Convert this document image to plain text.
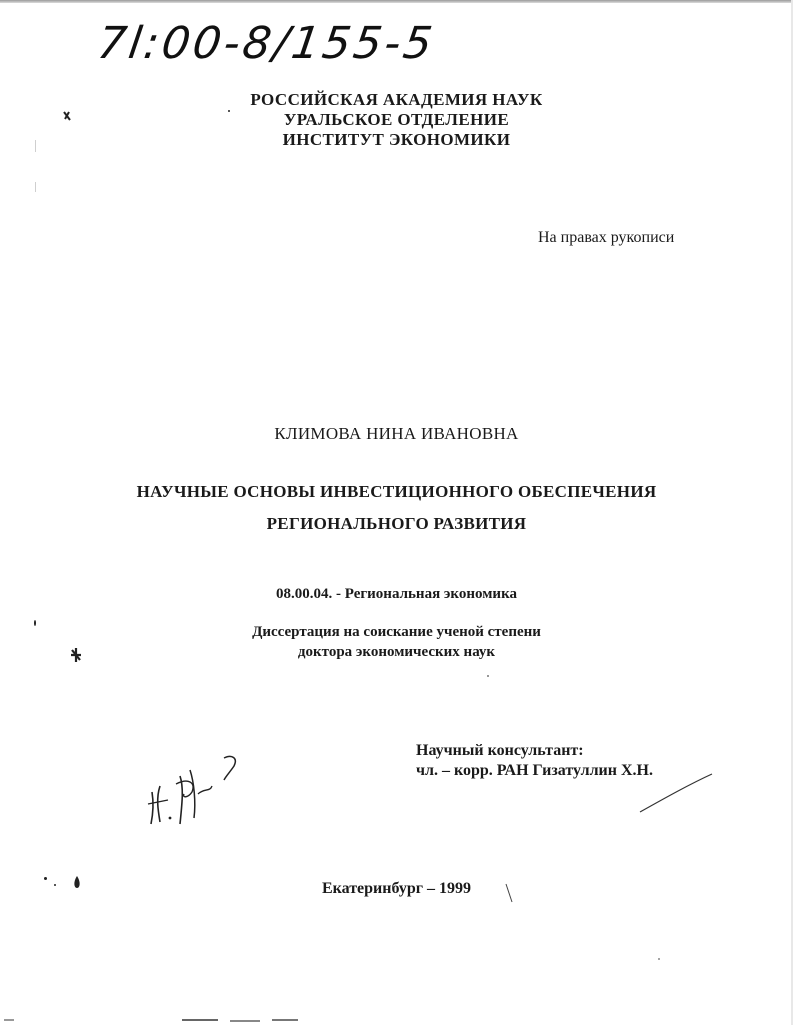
7l:00-8/155-5
РОССИЙСКАЯ АКАДЕМИЯ НАУК
УРАЛЬСКОЕ ОТДЕЛЕНИЕ
ИНСТИТУТ ЭКОНОМИКИ
На правах рукописи
КЛИМОВА НИНА ИВАНОВНА
НАУЧНЫЕ ОСНОВЫ ИНВЕСТИЦИОННОГО ОБЕСПЕЧЕНИЯ
РЕГИОНАЛЬНОГО РАЗВИТИЯ
08.00.04. - Региональная экономика
Диссертация на соискание ученой степени
доктора экономических наук
Научный консультант:
чл. – корр. РАН Гизатуллин Х.Н.
Екатеринбург – 1999
